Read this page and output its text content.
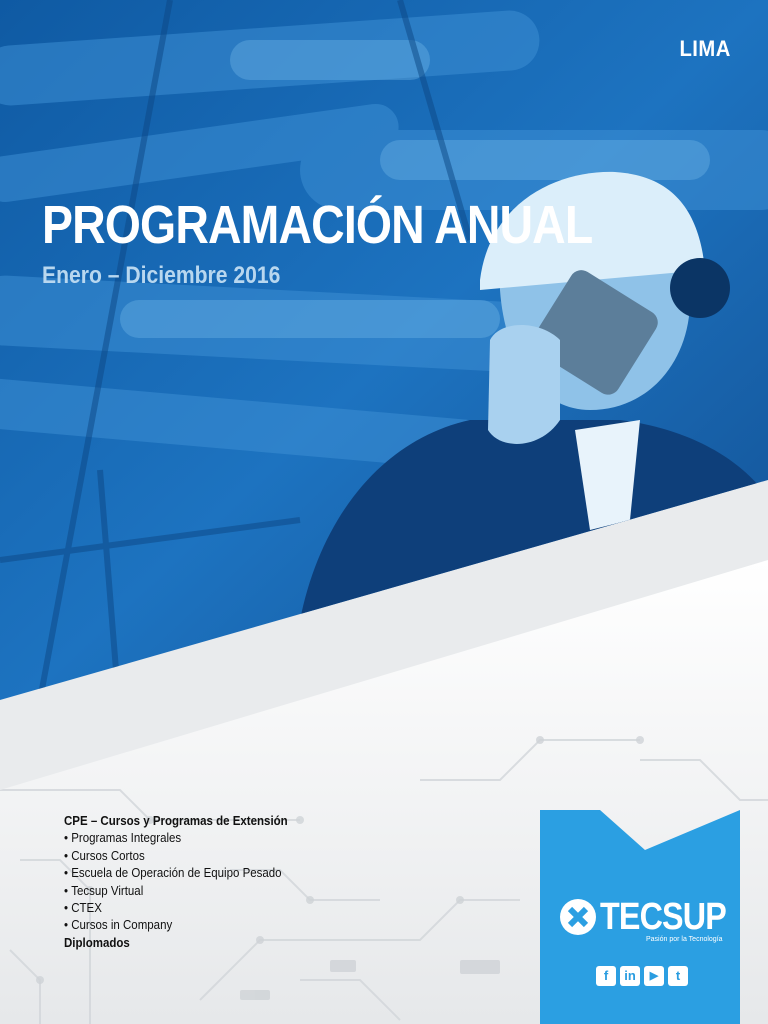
LIMA

PROGRAMACIÓN ANUAL

Enero – Diciembre 2016

CPE – Cursos y Programas de Extensión
• Programas Integrales
• Cursos Cortos
• Escuela de Operación de Equipo Pesado
• Tecsup Virtual
• CTEX
• Cursos in Company
Diplomados
TECSUP
Pasión por la Tecnología
f	in	▶	t
